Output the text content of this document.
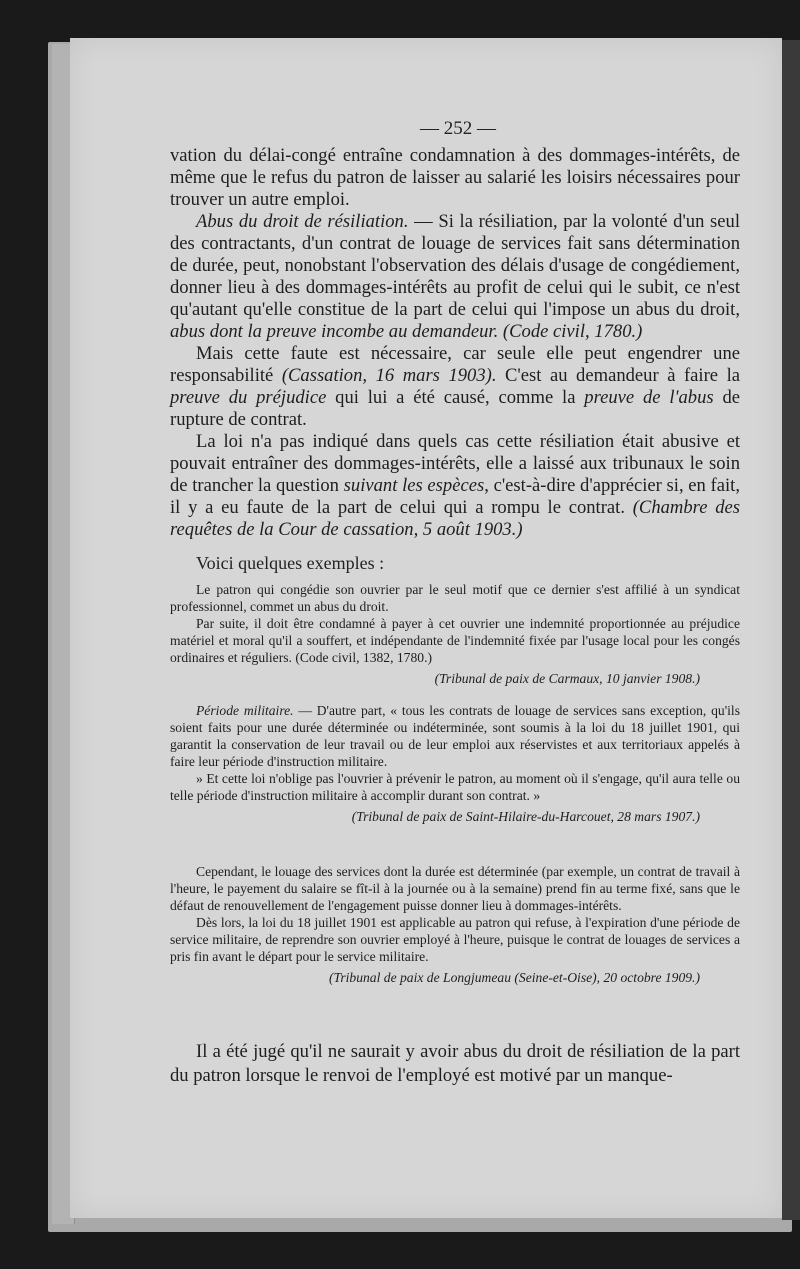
— 252 —

vation du délai-congé entraîne condamnation à des dommages-intérêts, de même que le refus du patron de laisser au salarié les loisirs nécessaires pour trouver un autre emploi.

Abus du droit de résiliation. — Si la résiliation, par la volonté d'un seul des contractants, d'un contrat de louage de services fait sans détermination de durée, peut, nonobstant l'observation des délais d'usage de congédiement, donner lieu à des dommages-intérêts au profit de celui qui le subit, ce n'est qu'autant qu'elle constitue de la part de celui qui l'impose un abus du droit, abus dont la preuve incombe au demandeur. (Code civil, 1780.)

Mais cette faute est nécessaire, car seule elle peut engendrer une responsabilité (Cassation, 16 mars 1903). C'est au demandeur à faire la preuve du préjudice qui lui a été causé, comme la preuve de l'abus de rupture de contrat.

La loi n'a pas indiqué dans quels cas cette résiliation était abusive et pouvait entraîner des dommages-intérêts, elle a laissé aux tribunaux le soin de trancher la question suivant les espèces, c'est-à-dire d'apprécier si, en fait, il y a eu faute de la part de celui qui a rompu le contrat. (Chambre des requêtes de la Cour de cassation, 5 août 1903.)

Voici quelques exemples :

Le patron qui congédie son ouvrier par le seul motif que ce dernier s'est affilié à un syndicat professionnel, commet un abus du droit.

Par suite, il doit être condamné à payer à cet ouvrier une indemnité proportionnée au préjudice matériel et moral qu'il a souffert, et indépendante de l'indemnité fixée par l'usage local pour les congés ordinaires et réguliers. (Code civil, 1382, 1780.)

(Tribunal de paix de Carmaux, 10 janvier 1908.)

Période militaire. — D'autre part, « tous les contrats de louage de services sans exception, qu'ils soient faits pour une durée déterminée ou indéterminée, sont soumis à la loi du 18 juillet 1901, qui garantit la conservation de leur travail ou de leur emploi aux réservistes et aux territoriaux appelés à faire leur période d'instruction militaire.

» Et cette loi n'oblige pas l'ouvrier à prévenir le patron, au moment où il s'engage, qu'il aura telle ou telle période d'instruction militaire à accomplir durant son contrat. »

(Tribunal de paix de Saint-Hilaire-du-Harcouet, 28 mars 1907.)

Cependant, le louage des services dont la durée est déterminée (par exemple, un contrat de travail à l'heure, le payement du salaire se fît-il à la journée ou à la semaine) prend fin au terme fixé, sans que le défaut de renouvellement de l'engagement puisse donner lieu à dommages-intérêts.

Dès lors, la loi du 18 juillet 1901 est applicable au patron qui refuse, à l'expiration d'une période de service militaire, de reprendre son ouvrier employé à l'heure, puisque le contrat de louages de services a pris fin avant le départ pour le service militaire.

(Tribunal de paix de Longjumeau (Seine-et-Oise), 20 octobre 1909.)

Il a été jugé qu'il ne saurait y avoir abus du droit de résiliation de la part du patron lorsque le renvoi de l'employé est motivé par un manque-
